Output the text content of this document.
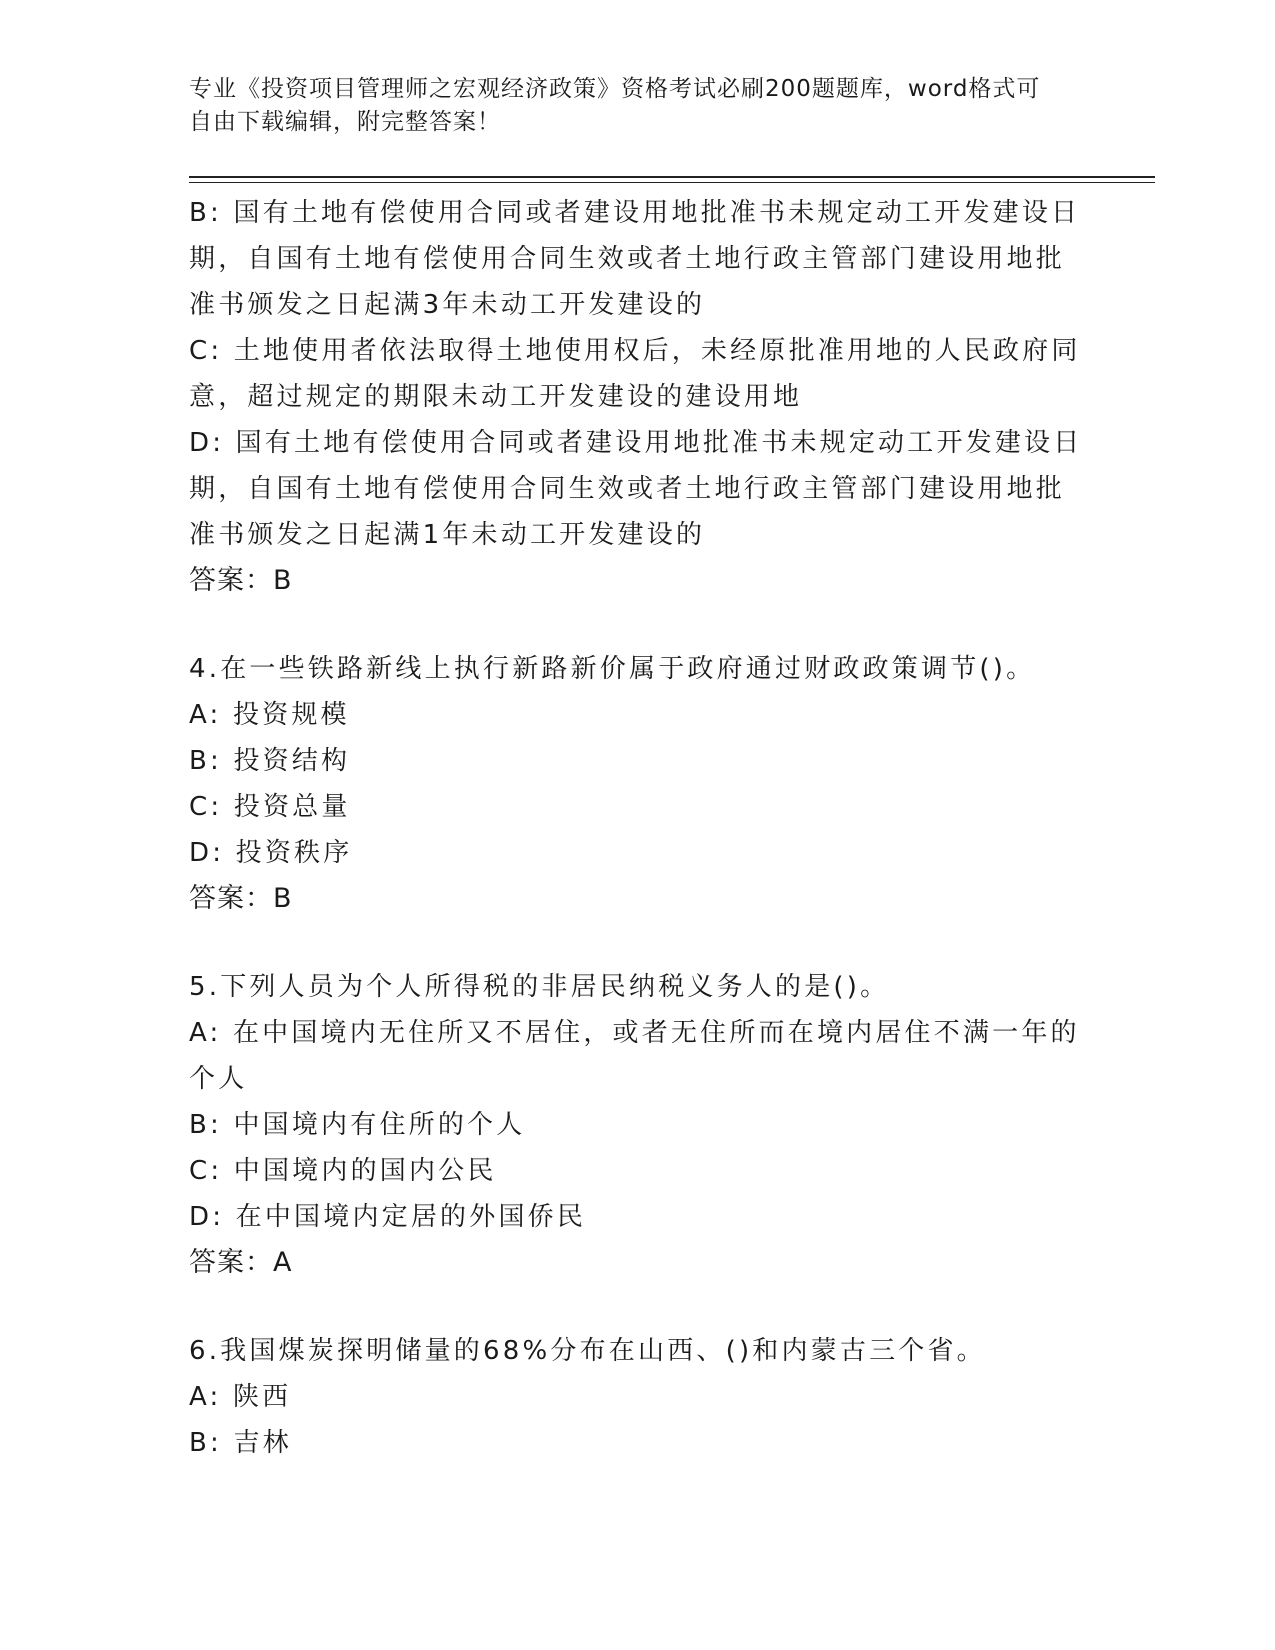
专业《投资项目管理师之宏观经济政策》资格考试必刷200题题库，word格式可
自由下载编辑，附完整答案！
B: 国有土地有偿使用合同或者建设用地批准书未规定动工开发建设日
期，自国有土地有偿使用合同生效或者土地行政主管部门建设用地批
准书颁发之日起满3年未动工开发建设的
C: 土地使用者依法取得土地使用权后，未经原批准用地的人民政府同
意，超过规定的期限未动工开发建设的建设用地
D: 国有土地有偿使用合同或者建设用地批准书未规定动工开发建设日
期，自国有土地有偿使用合同生效或者土地行政主管部门建设用地批
准书颁发之日起满1年未动工开发建设的
答案：B
4.在一些铁路新线上执行新路新价属于政府通过财政政策调节()。
A: 投资规模
B: 投资结构
C: 投资总量
D: 投资秩序
答案：B
5.下列人员为个人所得税的非居民纳税义务人的是()。
A: 在中国境内无住所又不居住，或者无住所而在境内居住不满一年的
个人
B: 中国境内有住所的个人
C: 中国境内的国内公民
D: 在中国境内定居的外国侨民
答案：A
6.我国煤炭探明储量的68%分布在山西、()和内蒙古三个省。
A: 陕西
B: 吉林
